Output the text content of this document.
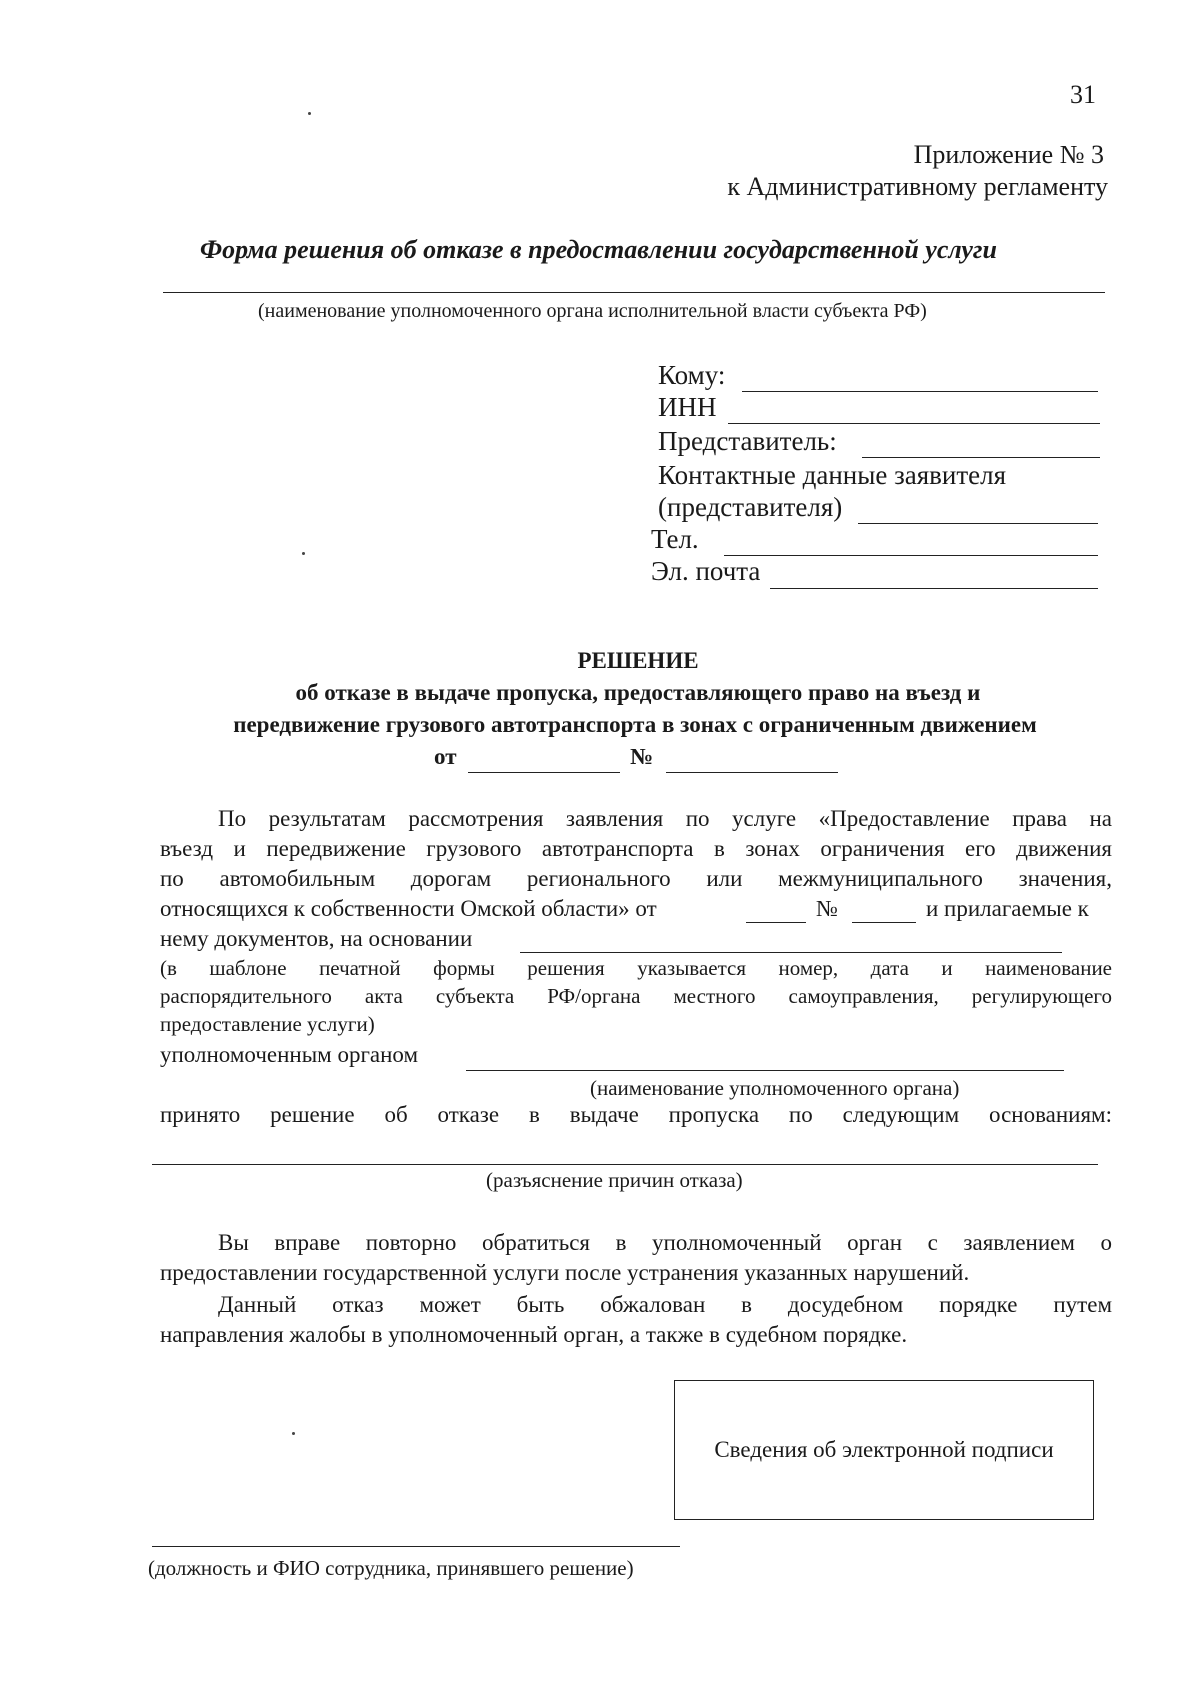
31
Приложение № 3
к Административному регламенту
Форма решения об отказе в предоставлении государственной услуги
(наименование уполномоченного органа исполнительной власти субъекта РФ)
Кому:
ИНН
Представитель:
Контактные данные заявителя
(представителя)
Тел.
Эл. почта
РЕШЕНИЕ
об отказе в выдаче пропуска, предоставляющего право на въезд и
передвижение грузового автотранспорта в зонах с ограниченным движением
от	№
По результатам рассмотрения заявления по услуге «Предоставление права на
въезд и передвижение грузового автотранспорта в зонах ограничения его движения
по автомобильным дорогам регионального или межмуниципального значения,
относящихся к собственности Омской области» от	№	и прилагаемые к
нему документов, на основании
(в шаблоне печатной формы решения указывается номер, дата и наименование
распорядительного акта субъекта РФ/органа местного самоуправления, регулирующего
предоставление услуги)
уполномоченным органом
(наименование уполномоченного органа)
принято решение об отказе в выдаче пропуска по следующим основаниям:
(разъяснение причин отказа)
Вы вправе повторно обратиться в уполномоченный орган с заявлением о
предоставлении государственной услуги после устранения указанных нарушений.
Данный отказ может быть обжалован в досудебном порядке путем
направления жалобы в уполномоченный орган, а также в судебном порядке.
Сведения об электронной подписи
(должность и ФИО сотрудника, принявшего решение)
